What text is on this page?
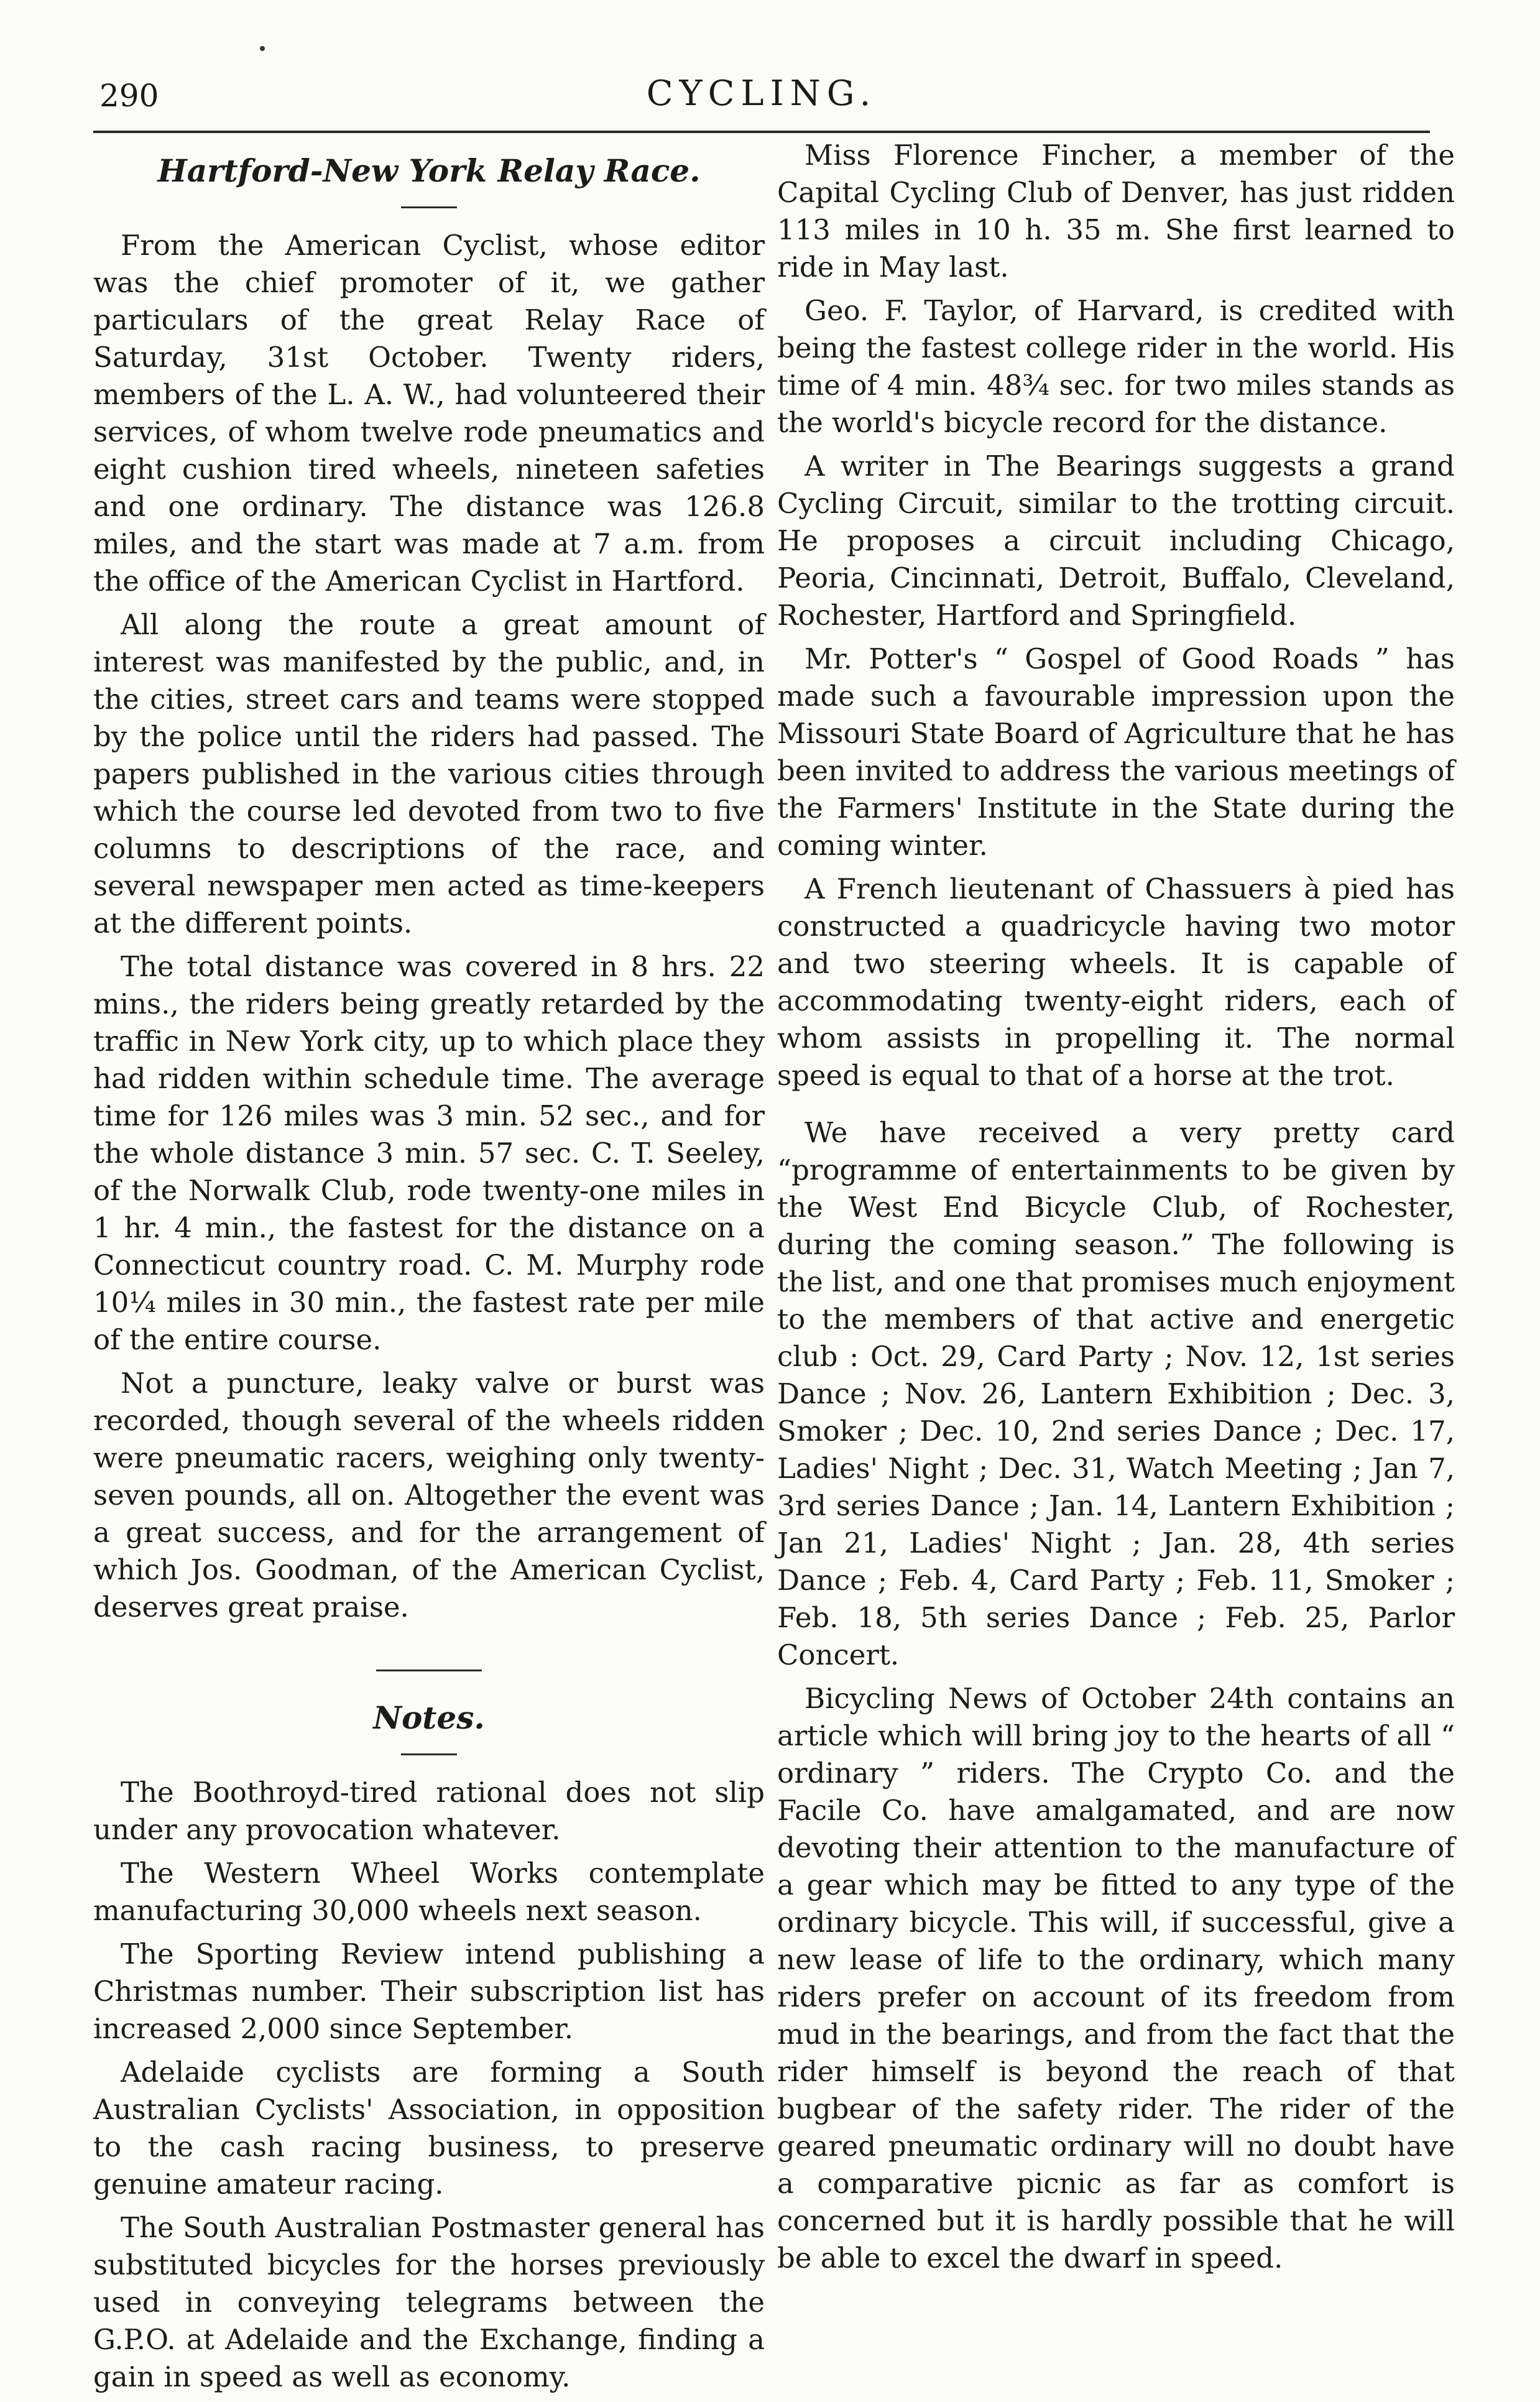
290	CYCLING.
Hartford-New York Relay Race.

From the American Cyclist, whose editor was the chief promoter of it, we gather particulars of the great Relay Race of Saturday, 31st October. Twenty riders, members of the L. A. W., had volunteered their services, of whom twelve rode pneumatics and eight cushion tired wheels, nineteen safeties and one ordinary. The distance was 126.8 miles, and the start was made at 7 a.m. from the office of the American Cyclist in Hartford.

All along the route a great amount of interest was manifested by the public, and, in the cities, street cars and teams were stopped by the police until the riders had passed. The papers published in the various cities through which the course led devoted from two to five columns to descriptions of the race, and several newspaper men acted as time-keepers at the different points.

The total distance was covered in 8 hrs. 22 mins., the riders being greatly retarded by the traffic in New York city, up to which place they had ridden within schedule time. The average time for 126 miles was 3 min. 52 sec., and for the whole distance 3 min. 57 sec. C. T. Seeley, of the Norwalk Club, rode twenty-one miles in 1 hr. 4 min., the fastest for the distance on a Connecticut country road. C. M. Murphy rode 10¼ miles in 30 min., the fastest rate per mile of the entire course.

Not a puncture, leaky valve or burst was recorded, though several of the wheels ridden were pneumatic racers, weighing only twenty-seven pounds, all on. Altogether the event was a great success, and for the arrangement of which Jos. Goodman, of the American Cyclist, deserves great praise.

Notes.

The Boothroyd-tired rational does not slip under any provocation whatever.

The Western Wheel Works contemplate manufacturing 30,000 wheels next season.

The Sporting Review intend publishing a Christmas number. Their subscription list has increased 2,000 since September.

Adelaide cyclists are forming a South Australian Cyclists' Association, in opposition to the cash racing business, to preserve genuine amateur racing.

The South Australian Postmaster general has substituted bicycles for the horses previously used in conveying telegrams between the G.P.O. at Adelaide and the Exchange, finding a gain in speed as well as economy.

Miss Florence Fincher, a member of the Capital Cycling Club of Denver, has just ridden 113 miles in 10 h. 35 m. She first learned to ride in May last.

Geo. F. Taylor, of Harvard, is credited with being the fastest college rider in the world. His time of 4 min. 48¾ sec. for two miles stands as the world's bicycle record for the distance.

A writer in The Bearings suggests a grand Cycling Circuit, similar to the trotting circuit. He proposes a circuit including Chicago, Peoria, Cincinnati, Detroit, Buffalo, Cleveland, Rochester, Hartford and Springfield.

Mr. Potter's “ Gospel of Good Roads ” has made such a favourable impression upon the Missouri State Board of Agriculture that he has been invited to address the various meetings of the Farmers' Institute in the State during the coming winter.

A French lieutenant of Chassuers à pied has constructed a quadricycle having two motor and two steering wheels. It is capable of accommodating twenty-eight riders, each of whom assists in propelling it. The normal speed is equal to that of a horse at the trot.

We have received a very pretty card “programme of entertainments to be given by the West End Bicycle Club, of Rochester, during the coming season.” The following is the list, and one that promises much enjoyment to the members of that active and energetic club : Oct. 29, Card Party ; Nov. 12, 1st series Dance ; Nov. 26, Lantern Exhibition ; Dec. 3, Smoker ; Dec. 10, 2nd series Dance ; Dec. 17, Ladies' Night ; Dec. 31, Watch Meeting ; Jan 7, 3rd series Dance ; Jan. 14, Lantern Exhibition ; Jan 21, Ladies' Night ; Jan. 28, 4th series Dance ; Feb. 4, Card Party ; Feb. 11, Smoker ; Feb. 18, 5th series Dance ; Feb. 25, Parlor Concert.

Bicycling News of October 24th contains an article which will bring joy to the hearts of all “ ordinary ” riders. The Crypto Co. and the Facile Co. have amalgamated, and are now devoting their attention to the manufacture of a gear which may be fitted to any type of the ordinary bicycle. This will, if successful, give a new lease of life to the ordinary, which many riders prefer on account of its freedom from mud in the bearings, and from the fact that the rider himself is beyond the reach of that bugbear of the safety rider. The rider of the geared pneumatic ordinary will no doubt have a comparative picnic as far as comfort is concerned but it is hardly possible that he will be able to excel the dwarf in speed.
